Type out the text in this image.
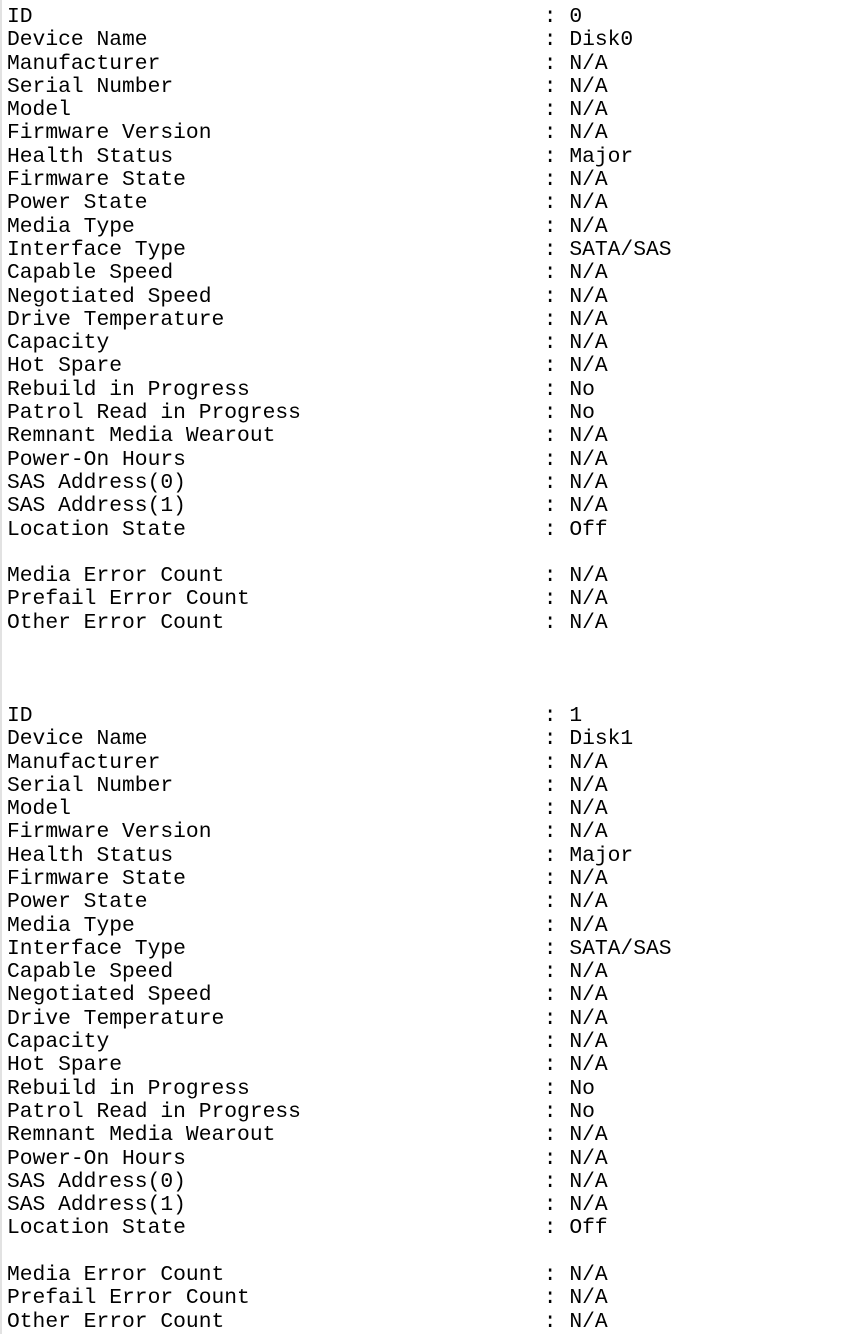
ID	: 0
Device Name	: Disk0
Manufacturer	: N/A
Serial Number	: N/A
Model	: N/A
Firmware Version	: N/A
Health Status	: Major
Firmware State	: N/A
Power State	: N/A
Media Type	: N/A
Interface Type	: SATA/SAS
Capable Speed	: N/A
Negotiated Speed	: N/A
Drive Temperature	: N/A
Capacity	: N/A
Hot Spare	: N/A
Rebuild in Progress	: No
Patrol Read in Progress	: No
Remnant Media Wearout	: N/A
Power-On Hours	: N/A
SAS Address(0)	: N/A
SAS Address(1)	: N/A
Location State	: Off
Media Error Count	: N/A
Prefail Error Count	: N/A
Other Error Count	: N/A
ID	: 1
Device Name	: Disk1
Manufacturer	: N/A
Serial Number	: N/A
Model	: N/A
Firmware Version	: N/A
Health Status	: Major
Firmware State	: N/A
Power State	: N/A
Media Type	: N/A
Interface Type	: SATA/SAS
Capable Speed	: N/A
Negotiated Speed	: N/A
Drive Temperature	: N/A
Capacity	: N/A
Hot Spare	: N/A
Rebuild in Progress	: No
Patrol Read in Progress	: No
Remnant Media Wearout	: N/A
Power-On Hours	: N/A
SAS Address(0)	: N/A
SAS Address(1)	: N/A
Location State	: Off
Media Error Count	: N/A
Prefail Error Count	: N/A
Other Error Count	: N/A
